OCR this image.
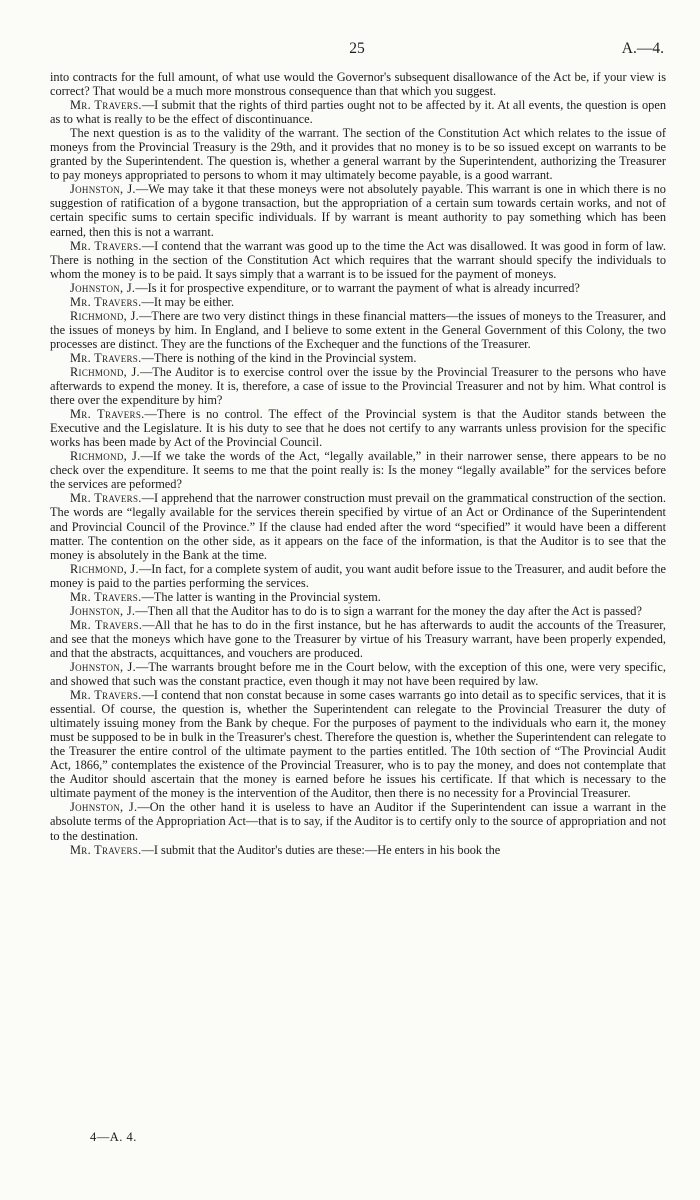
25	A.—4.

into contracts for the full amount, of what use would the Governor's subsequent disallowance of the Act be, if your view is correct? That would be a much more monstrous consequence than that which you suggest.

Mr. Travers.—I submit that the rights of third parties ought not to be affected by it. At all events, the question is open as to what is really to be the effect of discontinuance.

The next question is as to the validity of the warrant. The section of the Constitution Act which relates to the issue of moneys from the Provincial Treasury is the 29th, and it provides that no money is to be so issued except on warrants to be granted by the Superintendent. The question is, whether a general warrant by the Superintendent, authorizing the Treasurer to pay moneys appropriated to persons to whom it may ultimately become payable, is a good warrant.

Johnston, J.—We may take it that these moneys were not absolutely payable. This warrant is one in which there is no suggestion of ratification of a bygone transaction, but the appropriation of a certain sum towards certain works, and not of certain specific sums to certain specific individuals. If by warrant is meant authority to pay something which has been earned, then this is not a warrant.

Mr. Travers.—I contend that the warrant was good up to the time the Act was disallowed. It was good in form of law. There is nothing in the section of the Constitution Act which requires that the warrant should specify the individuals to whom the money is to be paid. It says simply that a warrant is to be issued for the payment of moneys.

Johnston, J.—Is it for prospective expenditure, or to warrant the payment of what is already incurred?

Mr. Travers.—It may be either.

Richmond, J.—There are two very distinct things in these financial matters—the issues of moneys to the Treasurer, and the issues of moneys by him. In England, and I believe to some extent in the General Government of this Colony, the two processes are distinct. They are the functions of the Exchequer and the functions of the Treasurer.

Mr. Travers.—There is nothing of the kind in the Provincial system.

Richmond, J.—The Auditor is to exercise control over the issue by the Provincial Treasurer to the persons who have afterwards to expend the money. It is, therefore, a case of issue to the Provincial Treasurer and not by him. What control is there over the expenditure by him?

Mr. Travers.—There is no control. The effect of the Provincial system is that the Auditor stands between the Executive and the Legislature. It is his duty to see that he does not certify to any warrants unless provision for the specific works has been made by Act of the Provincial Council.

Richmond, J.—If we take the words of the Act, “legally available,” in their narrower sense, there appears to be no check over the expenditure. It seems to me that the point really is: Is the money “legally available” for the services before the services are peformed?

Mr. Travers.—I apprehend that the narrower construction must prevail on the grammatical construction of the section. The words are “legally available for the services therein specified by virtue of an Act or Ordinance of the Superintendent and Provincial Council of the Province.” If the clause had ended after the word “specified” it would have been a different matter. The contention on the other side, as it appears on the face of the information, is that the Auditor is to see that the money is absolutely in the Bank at the time.

Richmond, J.—In fact, for a complete system of audit, you want audit before issue to the Treasurer, and audit before the money is paid to the parties performing the services.

Mr. Travers.—The latter is wanting in the Provincial system.

Johnston, J.—Then all that the Auditor has to do is to sign a warrant for the money the day after the Act is passed?

Mr. Travers.—All that he has to do in the first instance, but he has afterwards to audit the accounts of the Treasurer, and see that the moneys which have gone to the Treasurer by virtue of his Treasury warrant, have been properly expended, and that the abstracts, acquittances, and vouchers are produced.

Johnston, J.—The warrants brought before me in the Court below, with the exception of this one, were very specific, and showed that such was the constant practice, even though it may not have been required by law.

Mr. Travers.—I contend that non constat because in some cases warrants go into detail as to specific services, that it is essential. Of course, the question is, whether the Superintendent can relegate to the Provincial Treasurer the duty of ultimately issuing money from the Bank by cheque. For the purposes of payment to the individuals who earn it, the money must be supposed to be in bulk in the Treasurer's chest. Therefore the question is, whether the Superintendent can relegate to the Treasurer the entire control of the ultimate payment to the parties entitled. The 10th section of “The Provincial Audit Act, 1866,” contemplates the existence of the Provincial Treasurer, who is to pay the money, and does not contemplate that the Auditor should ascertain that the money is earned before he issues his certificate. If that which is necessary to the ultimate payment of the money is the intervention of the Auditor, then there is no necessity for a Provincial Treasurer.

Johnston, J.—On the other hand it is useless to have an Auditor if the Superintendent can issue a warrant in the absolute terms of the Appropriation Act—that is to say, if the Auditor is to certify only to the source of appropriation and not to the destination.

Mr. Travers.—I submit that the Auditor's duties are these:—He enters in his book the

4—A. 4.
